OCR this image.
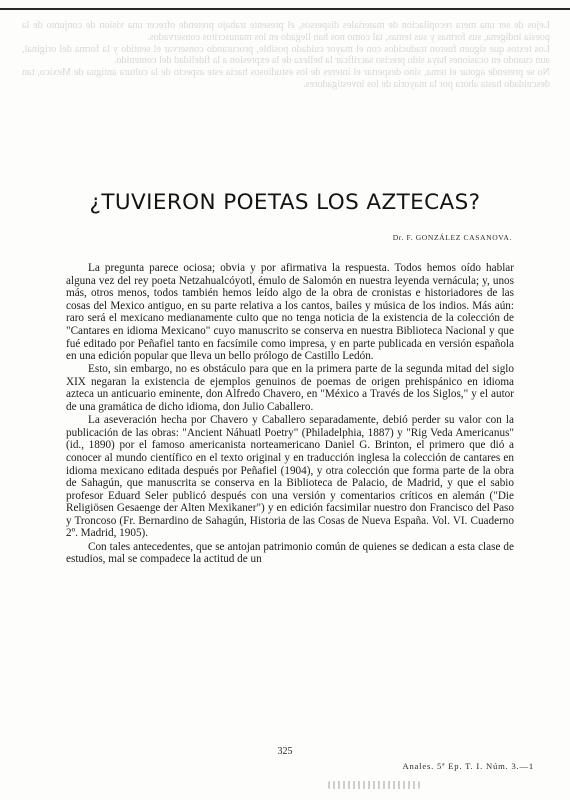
Lejos de ser una mera recopilacion de materiales dispersos, el presente trabajo pretende ofrecer una vision de conjunto de la poesia indigena, sus formas y sus temas, tal como nos han llegado en los manuscritos conservados.

Los textos que siguen fueron traducidos con el mayor cuidado posible, procurando conservar el sentido y la forma del original, aun cuando en ocasiones haya sido preciso sacrificar la belleza de la expresion a la fidelidad del contenido.

No se pretende agotar el tema, sino despertar el interes de los estudiosos hacia este aspecto de la cultura antigua de Mexico, tan descuidado hasta ahora por la mayoria de los investigadores.

¿TUVIERON POETAS LOS AZTECAS?
Dr. F. GONZÁLEZ CASANOVA.

La pregunta parece ociosa; obvia y por afirmativa la respuesta. Todos hemos oído hablar alguna vez del rey poeta Netzahualcóyotl, émulo de Salomón en nuestra leyenda vernácula; y, unos más, otros menos, todos también hemos leído algo de la obra de cronistas e historiadores de las cosas del Mexico antiguo, en su parte relativa a los cantos, bailes y música de los indios. Más aún: raro será el mexicano medianamente culto que no tenga noticia de la existencia de la colección de "Cantares en idioma Mexicano" cuyo manuscrito se conserva en nuestra Biblioteca Nacional y que fué editado por Peñafiel tanto en facsímile como impresa, y en parte publicada en versión española en una edición popular que lleva un bello prólogo de Castillo Ledón.

Esto, sin embargo, no es obstáculo para que en la primera parte de la segunda mitad del siglo XIX negaran la existencia de ejemplos genuinos de poemas de origen prehispánico en idioma azteca un anticuario eminente, don Alfredo Chavero, en "México a Través de los Siglos," y el autor de una gramática de dicho idioma, don Julio Caballero.

La aseveración hecha por Chavero y Caballero separadamente, debió perder su valor con la publicación de las obras: "Ancient Náhuatl Poetry" (Philadelphia, 1887) y "Rig Veda Americanus" (id., 1890) por el famoso americanista norteamericano Daniel G. Brinton, el primero que dió a conocer al mundo científico en el texto original y en traducción inglesa la colección de cantares en idioma mexicano editada después por Peñafiel (1904), y otra colección que forma parte de la obra de Sahagún, que manuscrita se conserva en la Biblioteca de Palacio, de Madrid, y que el sabio profesor Eduard Seler publicó después con una versión y comentarios críticos en alemán ("Die Religiösen Gesaenge der Alten Mexikaner") y en edición facsimilar nuestro don Francisco del Paso y Troncoso (Fr. Bernardino de Sahagún, Historia de las Cosas de Nueva España. Vol. VI. Cuaderno 2º. Madrid, 1905).

Con tales antecedentes, que se antojan patrimonio común de quienes se dedican a esta clase de estudios, mal se compadece la actitud de un

325
Anales. 5ª Ep. T. I. Núm. 3.—1
